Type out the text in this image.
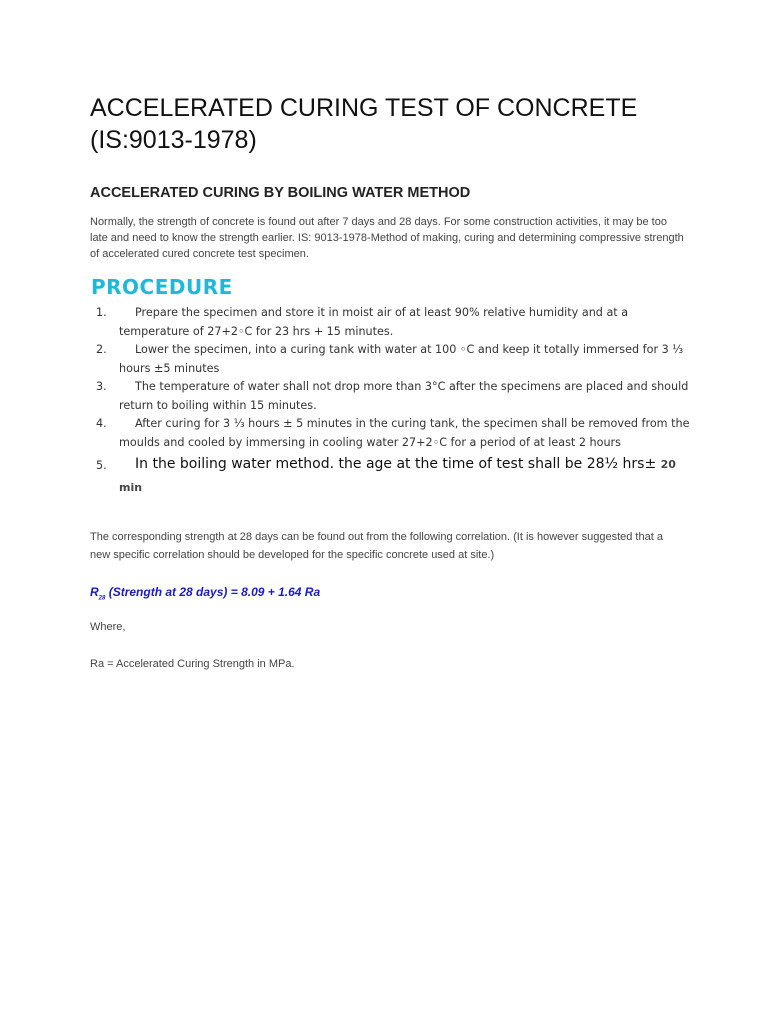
ACCELERATED CURING TEST OF CONCRETE
(IS:9013-1978)
ACCELERATED CURING BY BOILING WATER METHOD

Normally, the strength of concrete is found out after 7 days and 28 days. For some construction activities, it may be too late and need to know the strength earlier. IS: 9013-1978-Method of making, curing and determining compressive strength of accelerated cured concrete test specimen.

PROCEDURE
1.	Prepare the specimen and store it in moist air of at least 90% relative humidity and at a temperature of 27+2◦C for 23 hrs + 15 minutes.
2.	Lower the specimen, into a curing tank with water at 100 ◦C and keep it totally immersed for 3 ⅓ hours ±5 minutes
3.	The temperature of water shall not drop more than 3°C after the specimens are placed and should return to boiling within 15 minutes.
4.	After curing for 3 ⅓ hours ± 5 minutes in the curing tank, the specimen shall be removed from the moulds and cooled by immersing in cooling water 27+2◦C for a period of at least 2 hours
5.	In the boiling water method. the age at the time of test shall be 28½ hrs± 20 min

The corresponding strength at 28 days can be found out from the following correlation. (It is however suggested that a new specific correlation should be developed for the specific concrete used at site.)

$R_{28}$ (Strength at 28 days) = 8.09 + 1.64 Ra

Where,

Ra = Accelerated Curing Strength in MPa.
